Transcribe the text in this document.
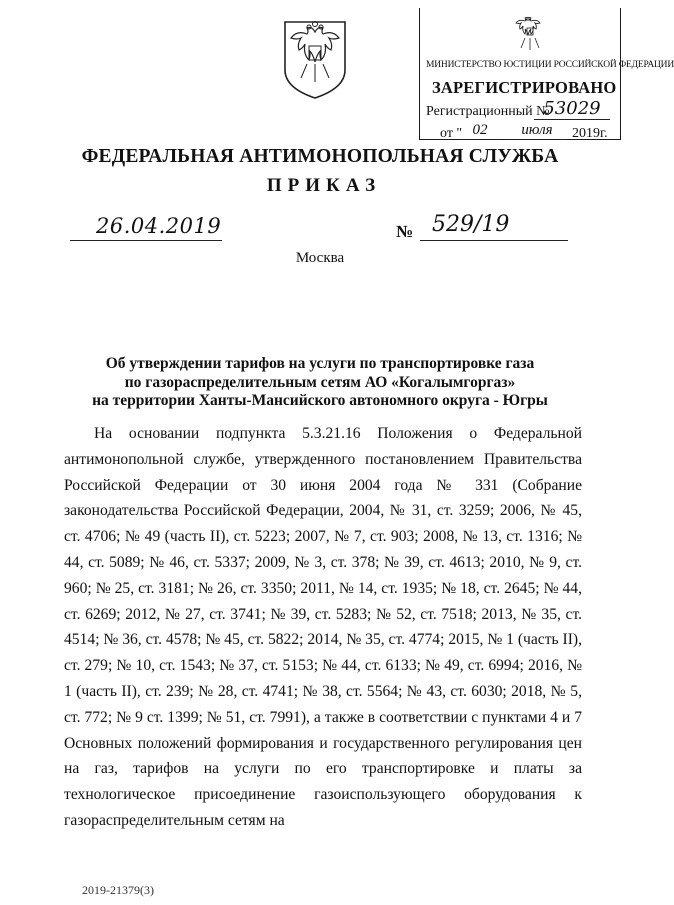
МИНИСТЕРСТВО ЮСТИЦИИ РОССИЙСКОЙ ФЕДЕРАЦИИ
ЗАРЕГИСТРИРОВАНО
Регистрационный №
53029
от " 02	июля	2019г.
ФЕДЕРАЛЬНАЯ АНТИМОНОПОЛЬНАЯ СЛУЖБА
ПРИКАЗ
26.04.2019	№ 529/19
Москва
Об утверждении тарифов на услуги по транспортировке газа
по газораспределительным сетям АО «Когалымгоргаз»
на территории Ханты-Мансийского автономного округа - Югры
На основании подпункта 5.3.21.16 Положения о Федеральной антимонопольной службе, утвержденного постановлением Правительства Российской Федерации от 30 июня 2004 года № 331 (Собрание законодательства Российской Федерации, 2004, № 31, ст. 3259; 2006, № 45, ст. 4706; № 49 (часть II), ст. 5223; 2007, № 7, ст. 903; 2008, № 13, ст. 1316; № 44, ст. 5089; № 46, ст. 5337; 2009, № 3, ст. 378; № 39, ст. 4613; 2010, № 9, ст. 960; № 25, ст. 3181; № 26, ст. 3350; 2011, № 14, ст. 1935; № 18, ст. 2645; № 44, ст. 6269; 2012, № 27, ст. 3741; № 39, ст. 5283; № 52, ст. 7518; 2013, № 35, ст. 4514; № 36, ст. 4578; № 45, ст. 5822; 2014, № 35, ст. 4774; 2015, № 1 (часть II), ст. 279; № 10, ст. 1543; № 37, ст. 5153; № 44, ст. 6133; № 49, ст. 6994; 2016, № 1 (часть II), ст. 239; № 28, ст. 4741; № 38, ст. 5564; № 43, ст. 6030; 2018, № 5, ст. 772; № 9 ст. 1399; № 51, ст. 7991), а также в соответствии с пунктами 4 и 7 Основных положений формирования и государственного регулирования цен на газ, тарифов на услуги по его транспортировке и платы за технологическое присоединение газоиспользующего оборудования к газораспределительным сетям на
2019-21379(3)
